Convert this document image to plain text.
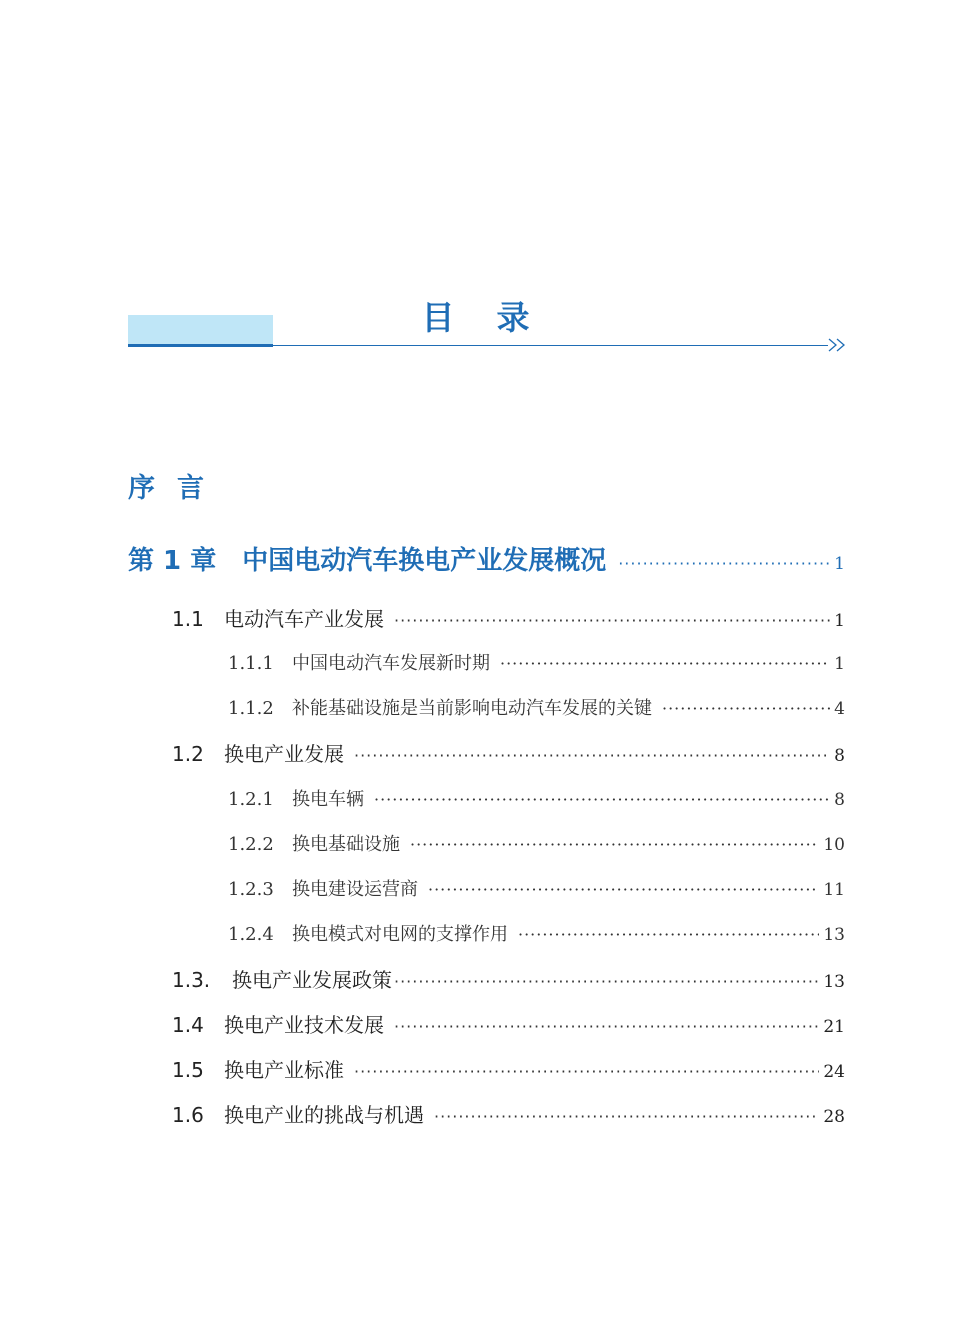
目 录
序言
第 1 章 中国电动汽车换电产业发展概况 ·····	1
1.1	电动汽车产业发展 ·····	1
1.1.1	中国电动汽车发展新时期 ·····	1
1.1.2	补能基础设施是当前影响电动汽车发展的关键 ·····	4
1.2	换电产业发展 ·····	8
1.2.1	换电车辆 ·····	8
1.2.2	换电基础设施 ·····	10
1.2.3	换电建设运营商 ·····	11
1.2.4	换电模式对电网的支撑作用 ·····	13
1.3.	换电产业发展政策 ·····	13
1.4	换电产业技术发展 ·····	21
1.5	换电产业标准 ·····	24
1.6	换电产业的挑战与机遇 ·····	28
